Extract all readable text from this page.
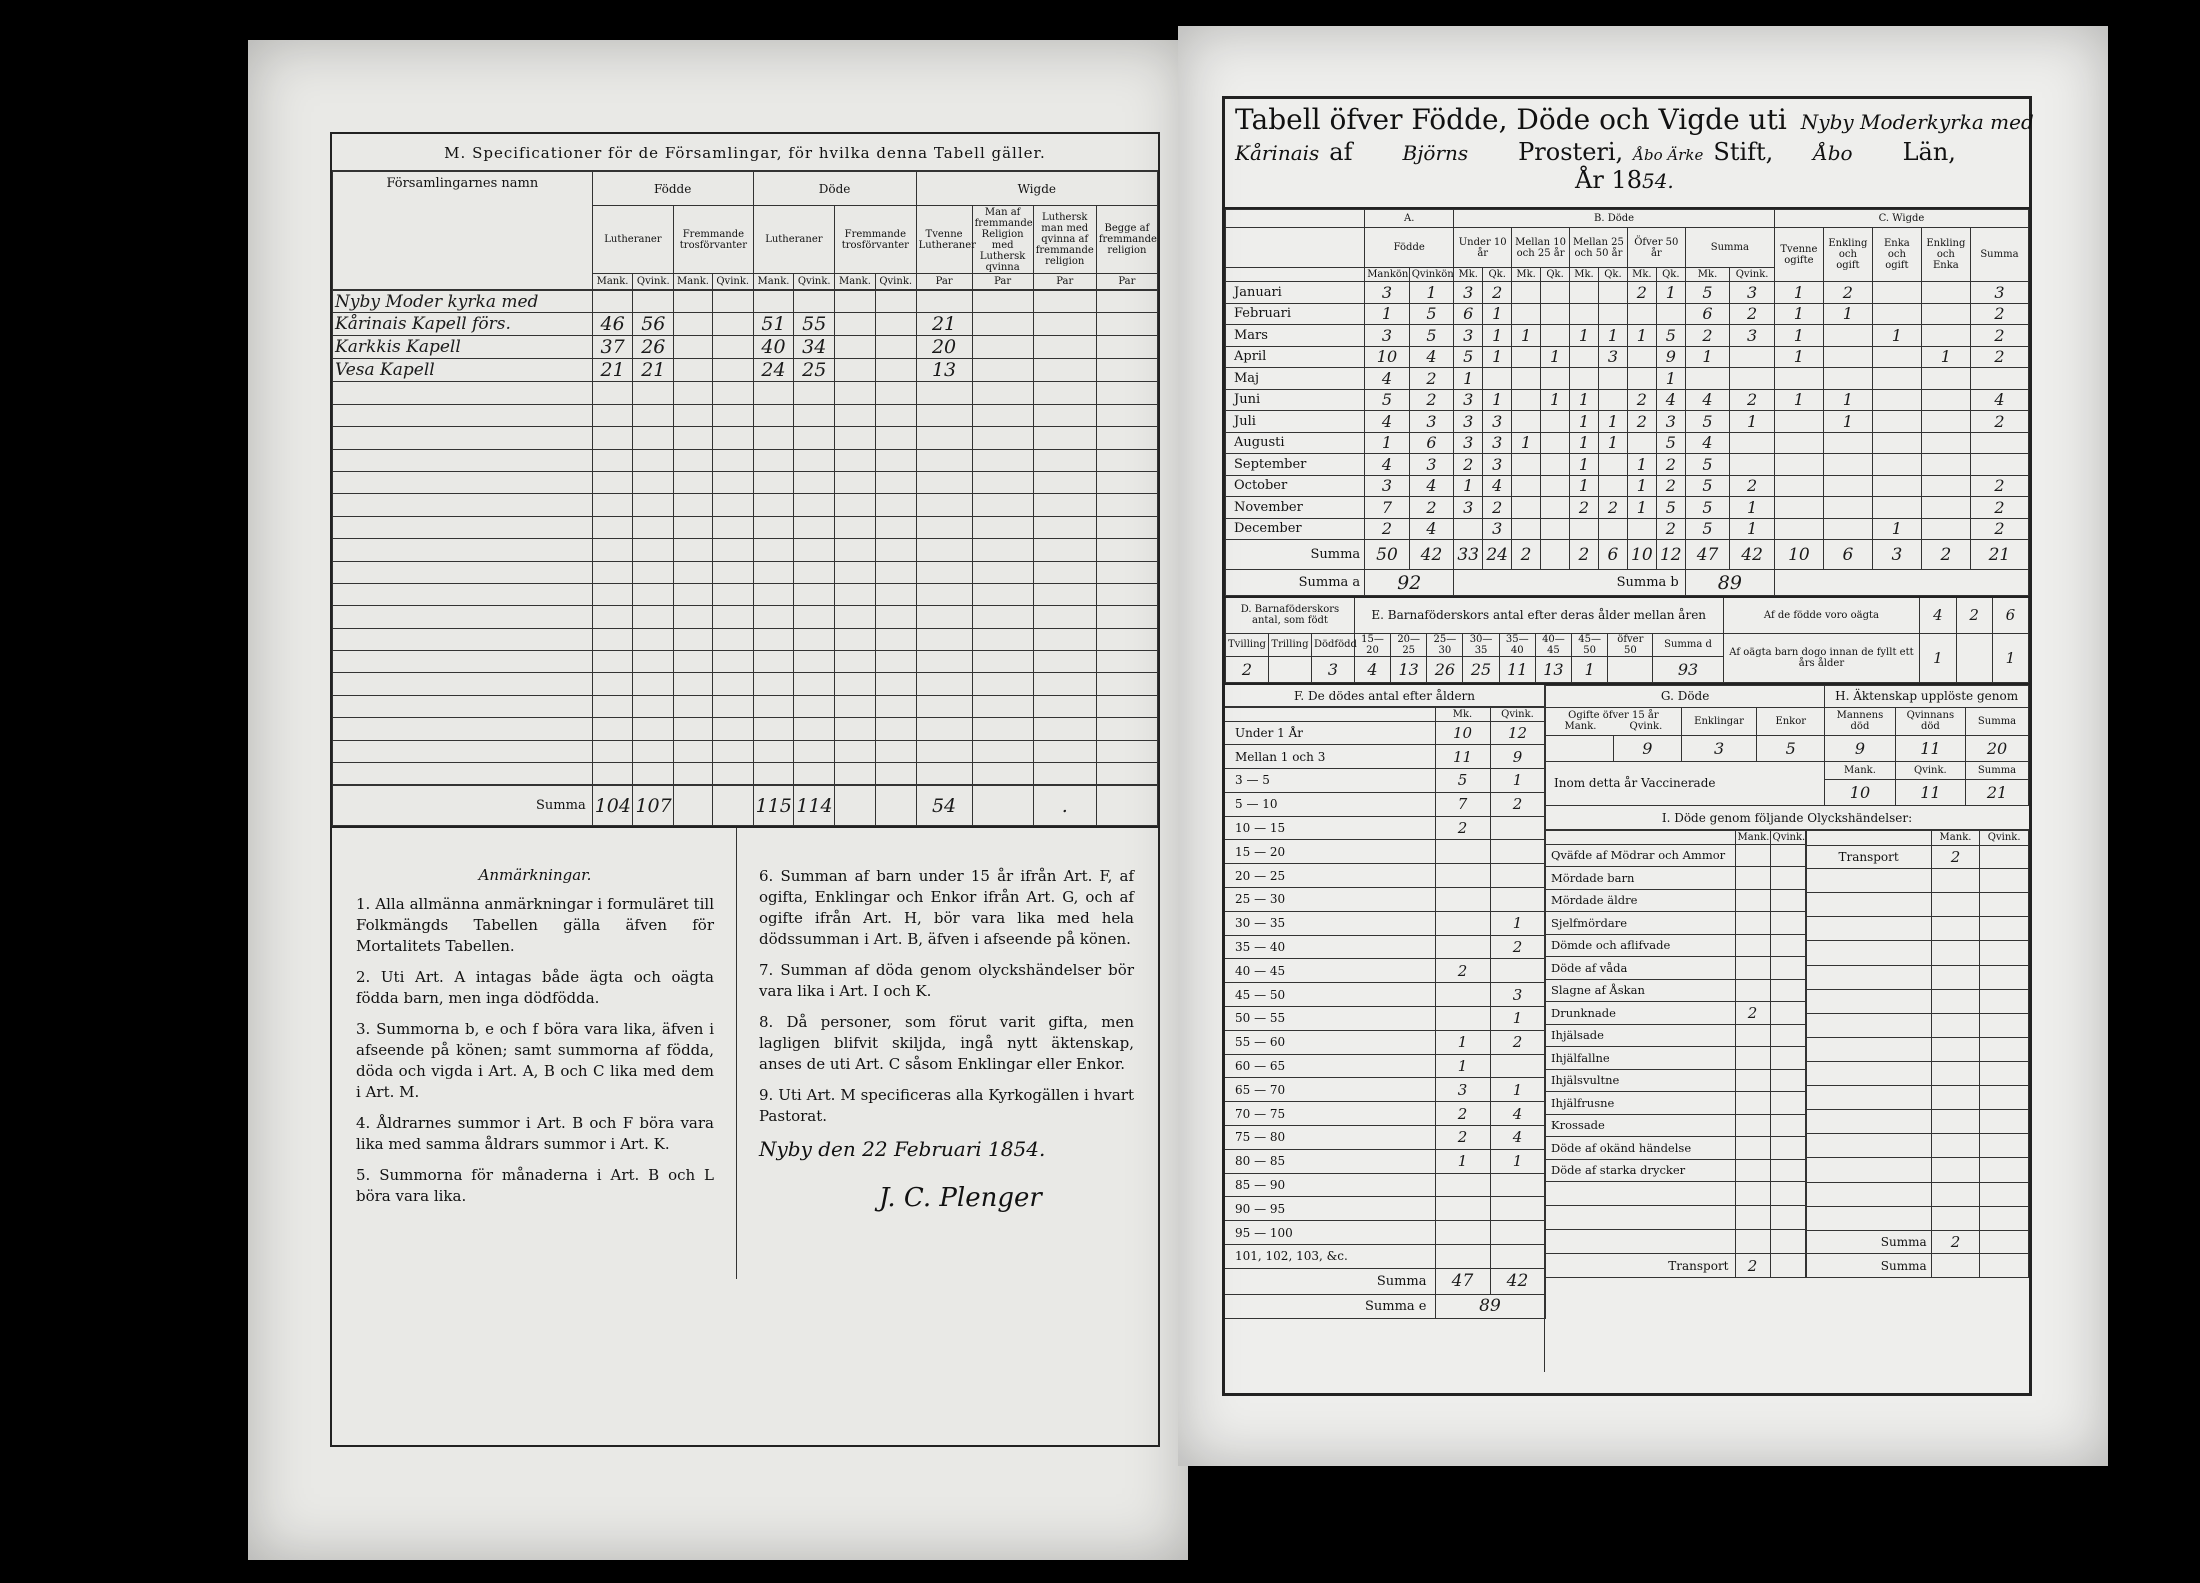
M. Specificationer för de Församlingar, för hvilka denna Tabell gäller.
Församlingarnes namn	Födde				Döde				Wigde			
	Lutheraner		Fremmande trosförvanter		Lutheraner		Fremmande trosförvanter		Tvenne Lutheraner	Man af fremmande Religion med Luthersk qvinna	Luthersk man med qvinna af fremmande religion	Begge af fremmande religion
	Mank.	Qvink.	Mank.	Qvink.	Mank.	Qvink.	Mank.	Qvink.	Par	Par	Par	Par
Nyby Moder kyrka med												
Kårinais Kapell förs.	46	56			51	55			21			
Karkkis Kapell	37	26			40	34			20			
Vesa Kapell	21	21			24	25			13			

Summa	104	107			115	114			54		.	
Anmärkningar.

1. Alla allmänna anmärkningar i formuläret till Folkmängds Tabellen gälla äfven för Mortalitets Tabellen.

2. Uti Art. A intagas både ägta och oägta födda barn, men inga dödfödda.

3. Summorna b, e och f böra vara lika, äfven i afseende på könen; samt summorna af födda, döda och vigda i Art. A, B och C lika med dem i Art. M.

4. Åldrarnes summor i Art. B och F böra vara lika med samma åldrars summor i Art. K.

5. Summorna för månaderna i Art. B och L böra vara lika.

6. Summan af barn under 15 år ifrån Art. F, af ogifta, Enklingar och Enkor ifrån Art. G, och af ogifte ifrån Art. H, bör vara lika med hela dödssumman i Art. B, äfven i afseende på könen.

7. Summan af döda genom olyckshändelser bör vara lika i Art. I och K.

8. Då personer, som förut varit gifta, men lagligen blifvit skiljda, ingå nytt äktenskap, anses de uti Art. C såsom Enklingar eller Enkor.

9. Uti Art. M specificeras alla Kyrkogällen i hvart Pastorat.

Nyby den 22 Februari 1854.
J. C. Plenger
Tabell öfver Födde, Döde och Vigde uti Nyby Moderkyrka med
Kårinais af	Björns Prosteri, Åbo Ärke Stift, Åbo Län,
År 1854.
	A.		B. Döde										C. Wigde				
	Födde		Under 10 år		Mellan 10 och 25 år		Mellan 25 och 50 år		Öfver 50 år		Summa		Tvenne ogifte	Enkling och ogift	Enka och ogift	Enkling och Enka	Summa
	Mankön	Qvinkön	Mk.	Qk.	Mk.	Qk.	Mk.	Qk.	Mk.	Qk.	Mk.	Qvink.					
Januari	3	1	3	2					2	1	5	3	1	2			3
Februari	1	5	6	1							6	2	1	1			2
Mars	3	5	3	1	1		1	1	1	5	2	3	1		1		2
April	10	4	5	1		1		3		9	1		1			1	2
Maj	4	2	1							1							
Juni	5	2	3	1		1	1		2	4	4	2	1	1			4
Juli	4	3	3	3			1	1	2	3	5	1		1			2
Augusti	1	6	3	3	1		1	1		5	4						
September	4	3	2	3			1		1	2	5						
October	3	4	1	4			1		1	2	5	2					2
November	7	2	3	2			2	2	1	5	5	1					2
December	2	4		3						2	5	1			1		2
Summa	50	42	33	24	2		2	6	10	12	47	42	10	6	3	2	21
Summa a	92		Summa b								89						
D. Barnaföderskors antal, som födt			E. Barnaföderskors antal efter deras ålder mellan åren									Af de födde voro oägta	4	2	6
Tvilling	Trilling	Dödfödd	15—20	20—25	25—30	30—35	35—40	40—45	45—50	öfver 50	Summa d	Af oägta barn dogo innan de fyllt ett års ålder	1		1
2		3	4	13	26	25	11	13	1		93				
F. De dödes antal efter åldern
	Mk.	Qvink.
Under 1 År	10	12
Mellan 1 och 3	11	9
3 — 5	5	1
5 — 10	7	2
10 — 15	2	
15 — 20		
20 — 25		
25 — 30		
30 — 35		1
35 — 40		2
40 — 45	2	
45 — 50		3
50 — 55		1
55 — 60	1	2
60 — 65	1	
65 — 70	3	1
70 — 75	2	4
75 — 80	2	4
80 — 85	1	1
85 — 90		
90 — 95		
95 — 100		
101, 102, 103, &c.		
Summa	47	42
Summa e	89	
G. Döde				H. Äktenskap upplöste genom		

Ogifte öfver 15 år
Mank. Qvink.		Enklingar	Enkor	Mannens död	Qvinnans död	Summa
	9	3	5	9	11	20
Inom detta år Vaccinerade				Mank.	Qvink.	Summa
				10	11	21
I. Döde genom följande Olyckshändelser:
	Mank.	Qvink.
Qväfde af Mödrar och Ammor		
Mördade barn		
Mördade äldre		
Sjelfmördare		
Dömde och aflifvade		
Döde af våda		
Slagne af Åskan		
Drunknade	2	
Ihjälsade		
Ihjälfallne		
Ihjälsvultne		
Ihjälfrusne		
Krossade		
Döde af okänd händelse		
Döde af starka drycker		

Transport	2	
	Mank.	Qvink.
Transport	2	

Summa	2	
Summa		
